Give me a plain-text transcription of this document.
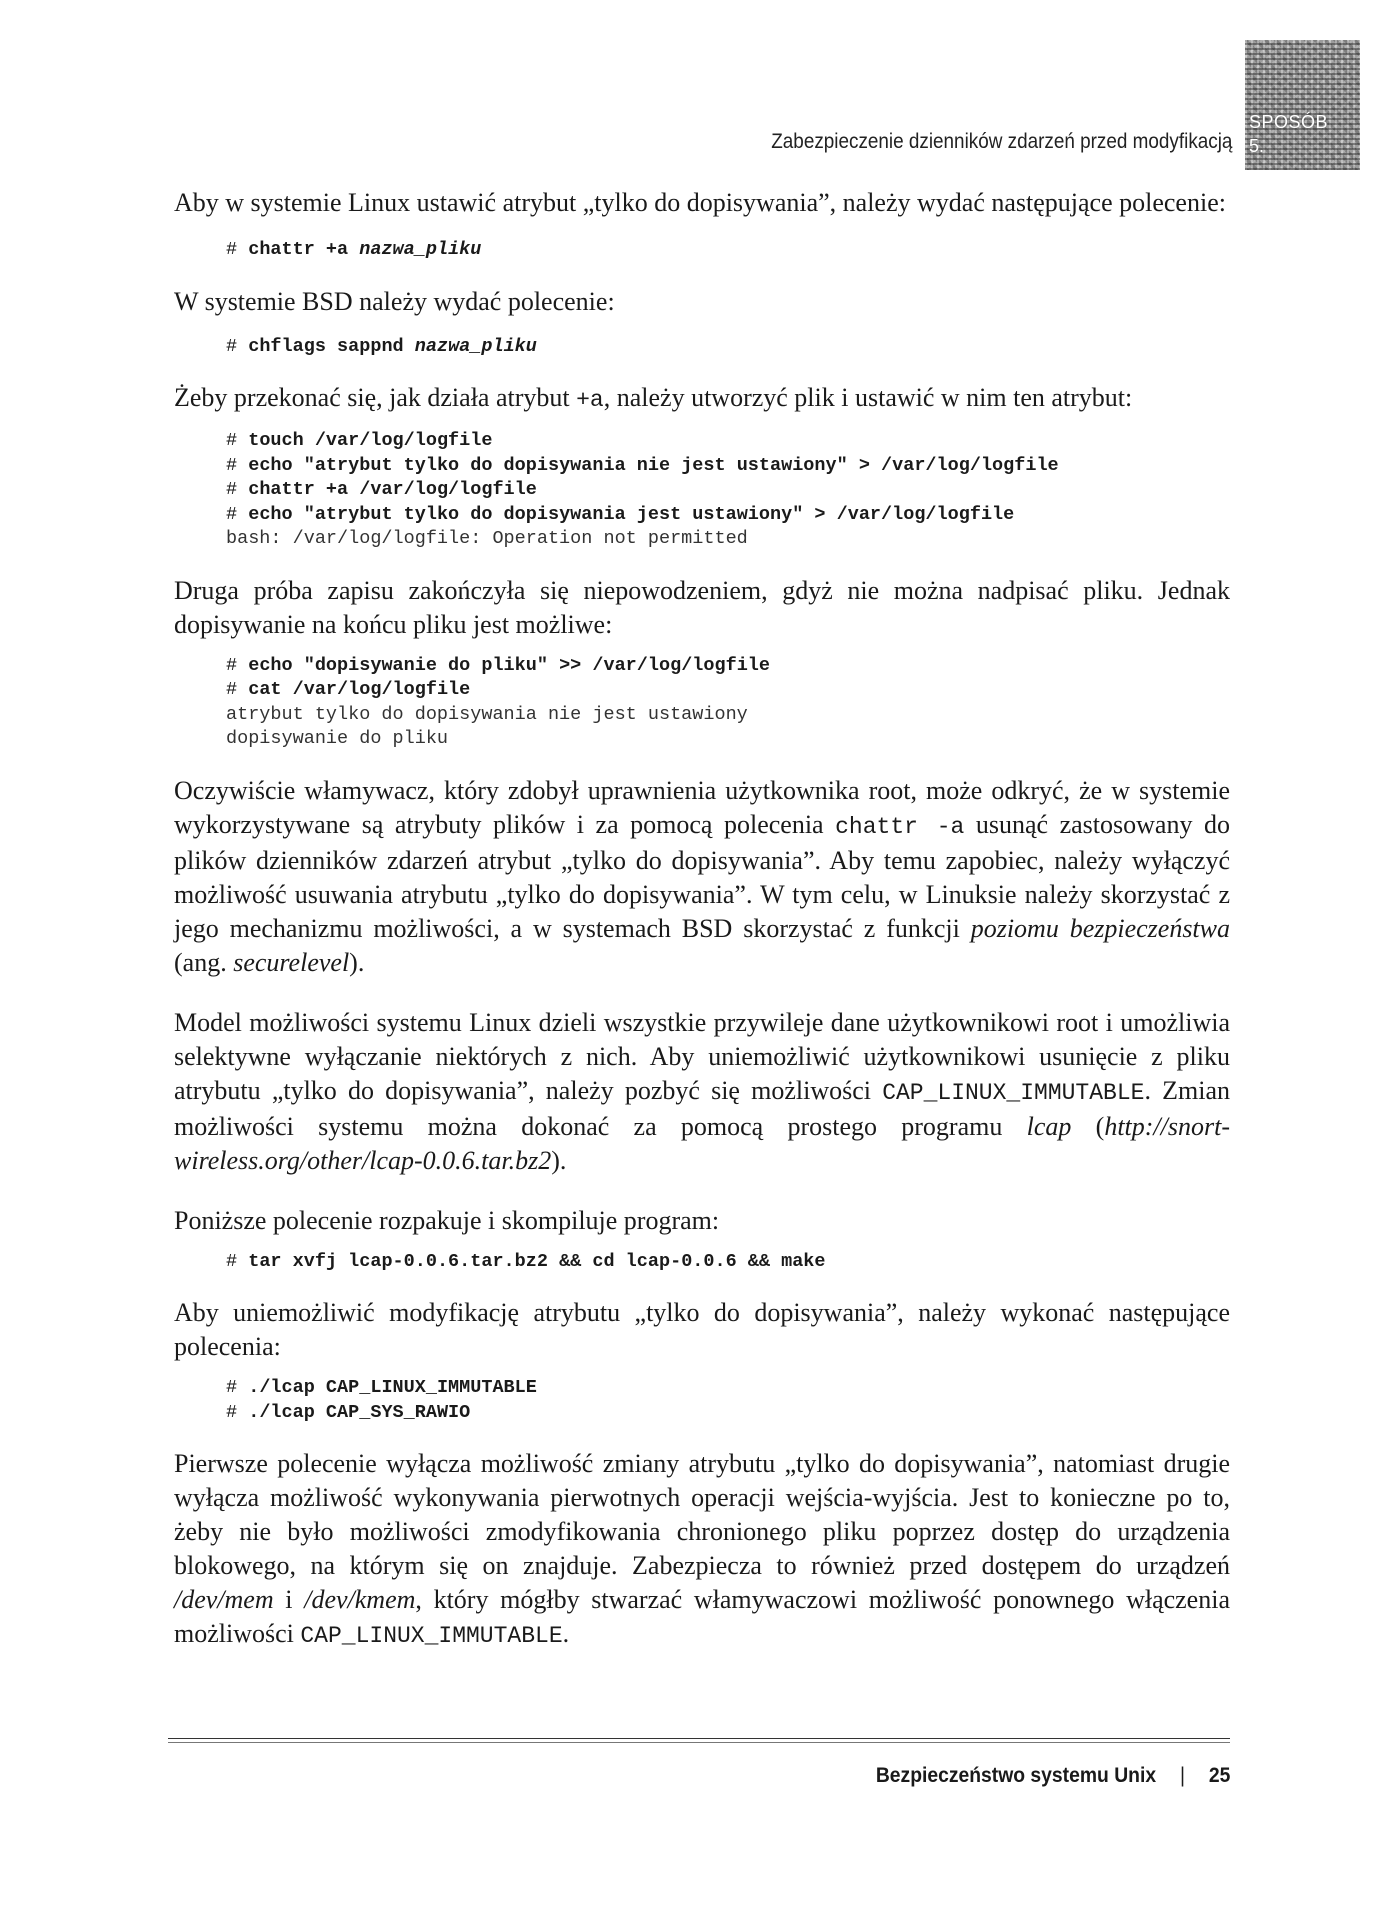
Zabezpieczenie dzienników zdarzeń przed modyfikacją
SPOSÓB
5.

Aby w systemie Linux ustawić atrybut „tylko do dopisywania”, należy wydać następujące polecenie:

# chattr +a nazwa_pliku

W systemie BSD należy wydać polecenie:

# chflags sappnd nazwa_pliku

Żeby przekonać się, jak działa atrybut +a, należy utworzyć plik i ustawić w nim ten atrybut:

# touch /var/log/logfile
# echo "atrybut tylko do dopisywania nie jest ustawiony" > /var/log/logfile
# chattr +a /var/log/logfile
# echo "atrybut tylko do dopisywania jest ustawiony" > /var/log/logfile
bash: /var/log/logfile: Operation not permitted

Druga próba zapisu zakończyła się niepowodzeniem, gdyż nie można nadpisać pliku. Jednak dopisywanie na końcu pliku jest możliwe:

# echo "dopisywanie do pliku" >> /var/log/logfile
# cat /var/log/logfile
atrybut tylko do dopisywania nie jest ustawiony
dopisywanie do pliku

Oczywiście włamywacz, który zdobył uprawnienia użytkownika root, może odkryć, że w systemie wykorzystywane są atrybuty plików i za pomocą polecenia chattr -a usunąć zastosowany do plików dzienników zdarzeń atrybut „tylko do dopisywania”. Aby temu zapobiec, należy wyłączyć możliwość usuwania atrybutu „tylko do dopisywania”. W tym celu, w Linuksie należy skorzystać z jego mechanizmu możliwości, a w systemach BSD skorzystać z funkcji poziomu bezpieczeństwa (ang. securelevel).

Model możliwości systemu Linux dzieli wszystkie przywileje dane użytkownikowi root i umożliwia selektywne wyłączanie niektórych z nich. Aby uniemożliwić użytkownikowi usunięcie z pliku atrybutu „tylko do dopisywania”, należy pozbyć się możliwości CAP_LINUX_IMMUTABLE. Zmian możliwości systemu można dokonać za pomocą prostego programu lcap (http://snort-wireless.org/other/lcap-0.0.6.tar.bz2).

Poniższe polecenie rozpakuje i skompiluje program:

# tar xvfj lcap-0.0.6.tar.bz2 && cd lcap-0.0.6 && make

Aby uniemożliwić modyfikację atrybutu „tylko do dopisywania”, należy wykonać następujące polecenia:

# ./lcap CAP_LINUX_IMMUTABLE
# ./lcap CAP_SYS_RAWIO

Pierwsze polecenie wyłącza możliwość zmiany atrybutu „tylko do dopisywania”, natomiast drugie wyłącza możliwość wykonywania pierwotnych operacji wejścia-wyjścia. Jest to konieczne po to, żeby nie było możliwości zmodyfikowania chronionego pliku poprzez dostęp do urządzenia blokowego, na którym się on znajduje. Zabezpiecza to również przed dostępem do urządzeń /dev/mem i /dev/kmem, który mógłby stwarzać włamywaczowi możliwość ponownego włączenia możliwości CAP_LINUX_IMMUTABLE.

Bezpieczeństwo systemu Unix | 25
